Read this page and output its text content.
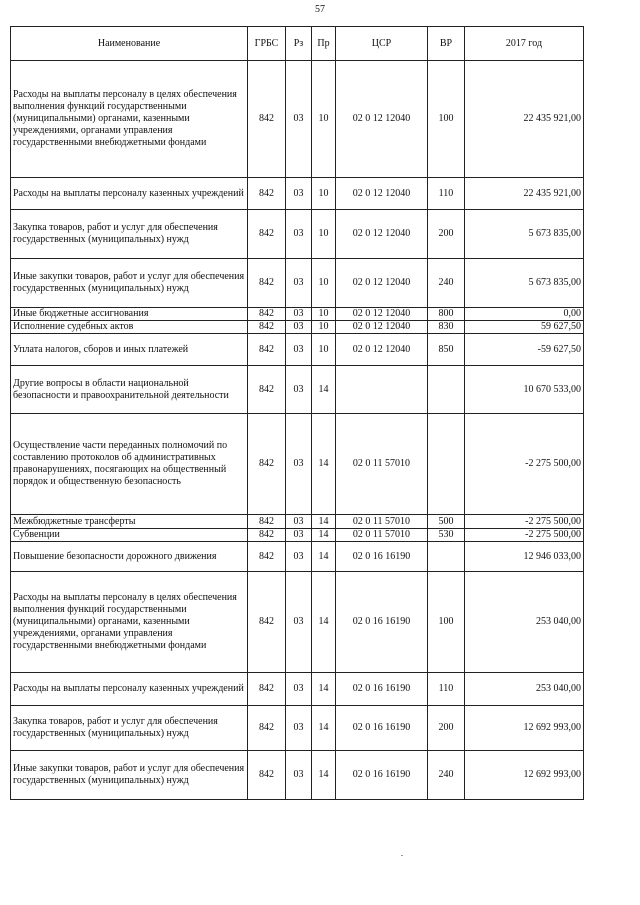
57
Наименование	ГРБС	Рз	Пр	ЦСР	ВР	2017 год
Расходы на выплаты персоналу в целях обеспечения выполнения функций государственными (муниципальными) органами, казенными учреждениями, органами управления государственными внебюджетными фондами	842	03	10	02 0 12 12040	100	22 435 921,00
Расходы на выплаты персоналу казенных учреждений	842	03	10	02 0 12 12040	110	22 435 921,00
Закупка товаров, работ и услуг для обеспечения государственных (муниципальных) нужд	842	03	10	02 0 12 12040	200	5 673 835,00
Иные закупки товаров, работ и услуг для обеспечения государственных (муниципальных) нужд	842	03	10	02 0 12 12040	240	5 673 835,00
Иные бюджетные ассигнования	842	03	10	02 0 12 12040	800	0,00
Исполнение судебных актов	842	03	10	02 0 12 12040	830	59 627,50
Уплата налогов, сборов и иных платежей	842	03	10	02 0 12 12040	850	-59 627,50
Другие вопросы в области национальной безопасности и правоохранительной деятельности	842	03	14			10 670 533,00
Осуществление части переданных полномочий по составлению протоколов об административных правонарушениях, посягающих на общественный порядок и общественную безопасность	842	03	14	02 0 11 57010		-2 275 500,00
Межбюджетные трансферты	842	03	14	02 0 11 57010	500	-2 275 500,00
Субвенции	842	03	14	02 0 11 57010	530	-2 275 500,00
Повышение безопасности дорожного движения	842	03	14	02 0 16 16190		12 946 033,00
Расходы на выплаты персоналу в целях обеспечения выполнения функций государственными (муниципальными) органами, казенными учреждениями, органами управления государственными внебюджетными фондами	842	03	14	02 0 16 16190	100	253 040,00
Расходы на выплаты персоналу казенных учреждений	842	03	14	02 0 16 16190	110	253 040,00
Закупка товаров, работ и услуг для обеспечения государственных (муниципальных) нужд	842	03	14	02 0 16 16190	200	12 692 993,00
Иные закупки товаров, работ и услуг для обеспечения государственных (муниципальных) нужд	842	03	14	02 0 16 16190	240	12 692 993,00
